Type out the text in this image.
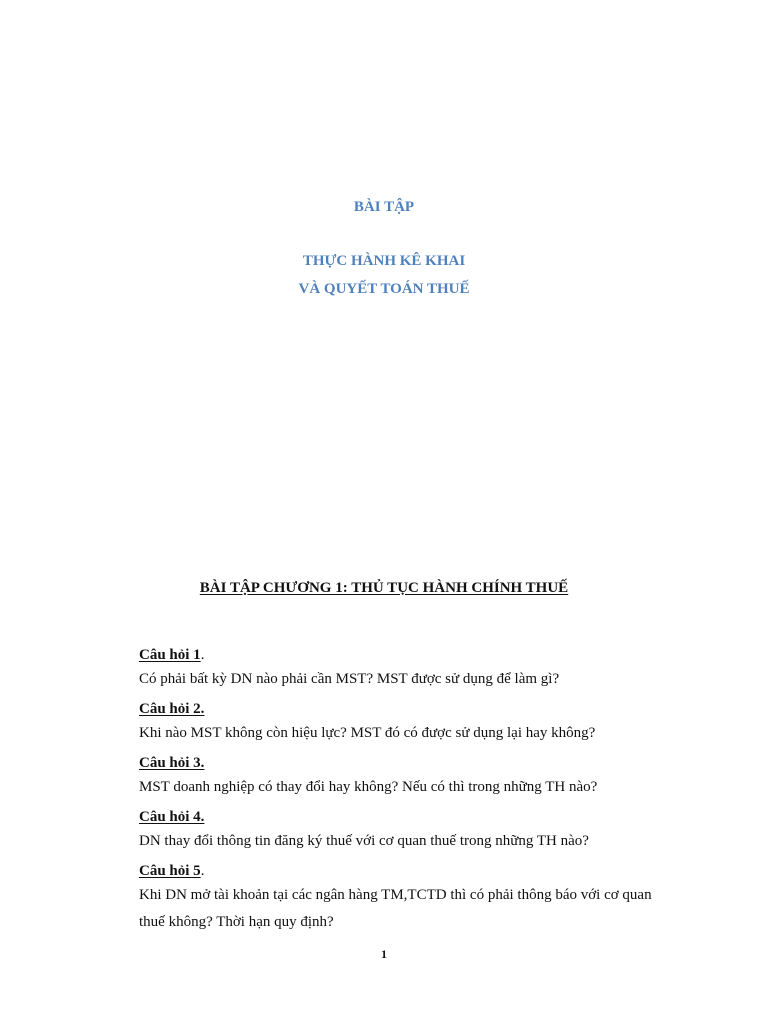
BÀI TẬP
THỰC HÀNH KÊ KHAI
VÀ QUYẾT TOÁN THUẾ
BÀI TẬP CHƯƠNG 1: THỦ TỤC HÀNH CHÍNH THUẾ
Câu hỏi 1.
Có phải bất kỳ DN nào phải cần MST? MST được sử dụng để làm gì?
Câu hỏi 2.
Khi nào MST không còn hiệu lực? MST đó có được sử dụng lại hay không?
Câu hỏi 3.
MST doanh nghiệp có thay đổi hay không? Nếu có thì trong những TH nào?
Câu hỏi 4.
DN thay đổi thông tin đăng ký thuế với cơ quan thuế trong những TH nào?
Câu hỏi 5.
Khi DN mở tài khoản tại các ngân hàng TM,TCTD thì có phải thông báo với cơ quan thuế không? Thời hạn quy định?
1
